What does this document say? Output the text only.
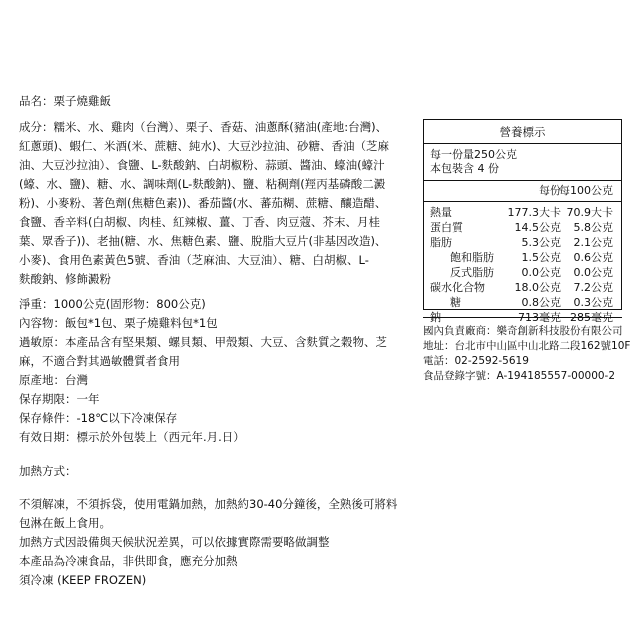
品名：栗子燒雞飯
成分：糯米、水、雞肉（台灣）、栗子、香菇、油蔥酥(豬油(產地:台灣)、
紅蔥頭)、蝦仁、米酒(米、蔗糖、純水)、大豆沙拉油、砂糖、香油（芝麻
油、大豆沙拉油）、食鹽、L-麩酸鈉、白胡椒粉、蒜頭、醬油、蠔油(蠔汁
(蠔、水、鹽)、糖、水、調味劑(L-麩酸鈉)、鹽、粘稠劑(羥丙基磷酸二澱
粉)、小麥粉、著色劑(焦糖色素))、番茄醬(水、蕃茄糊、蔗糖、釀造醋、
食鹽、香辛料(白胡椒、肉桂、紅辣椒、薑、丁香、肉豆蔻、芥末、月桂
葉、眾香子))、老抽(糖、水、焦糖色素、鹽、脫脂大豆片(非基因改造)、
小麥)、食用色素黃色5號、香油（芝麻油、大豆油）、糖、白胡椒、L-
麩酸鈉、修飾澱粉
淨重：1000公克(固形物：800公克)
內容物：飯包*1包、栗子燒雞料包*1包
過敏原：本產品含有堅果類、螺貝類、甲殼類、大豆、含麩質之穀物、芝
麻，不適合對其過敏體質者食用
原產地：台灣
保存期限：一年
保存條件：-18℃以下冷凍保存
有效日期：標示於外包裝上（西元年.月.日）
加熱方式：
不須解凍，不須拆袋，使用電鍋加熱，加熱約30-40分鐘後，全熟後可將料
包淋在飯上食用。
加熱方式因設備與天候狀況差異，可以依據實際需要略做調整
本產品為冷凍食品，非供即食，應充分加熱
須冷凍 (KEEP FROZEN)
營養標示
每一份量250公克
本包裝含 4 份
每份
每100公克
熱量	177.3大卡 70.9大卡
蛋白質	14.5公克 5.8公克
脂肪	5.3公克 2.1公克
飽和脂肪	1.5公克 0.6公克
反式脂肪	0.0公克 0.0公克
碳水化合物	18.0公克 7.2公克
糖	0.8公克 0.3公克
鈉	713毫克 285毫克
國內負責廠商：樂奇創新科技股份有限公司
地址：台北市中山區中山北路二段162號10F
電話：02-2592-5619
食品登錄字號：A-194185557-00000-2
